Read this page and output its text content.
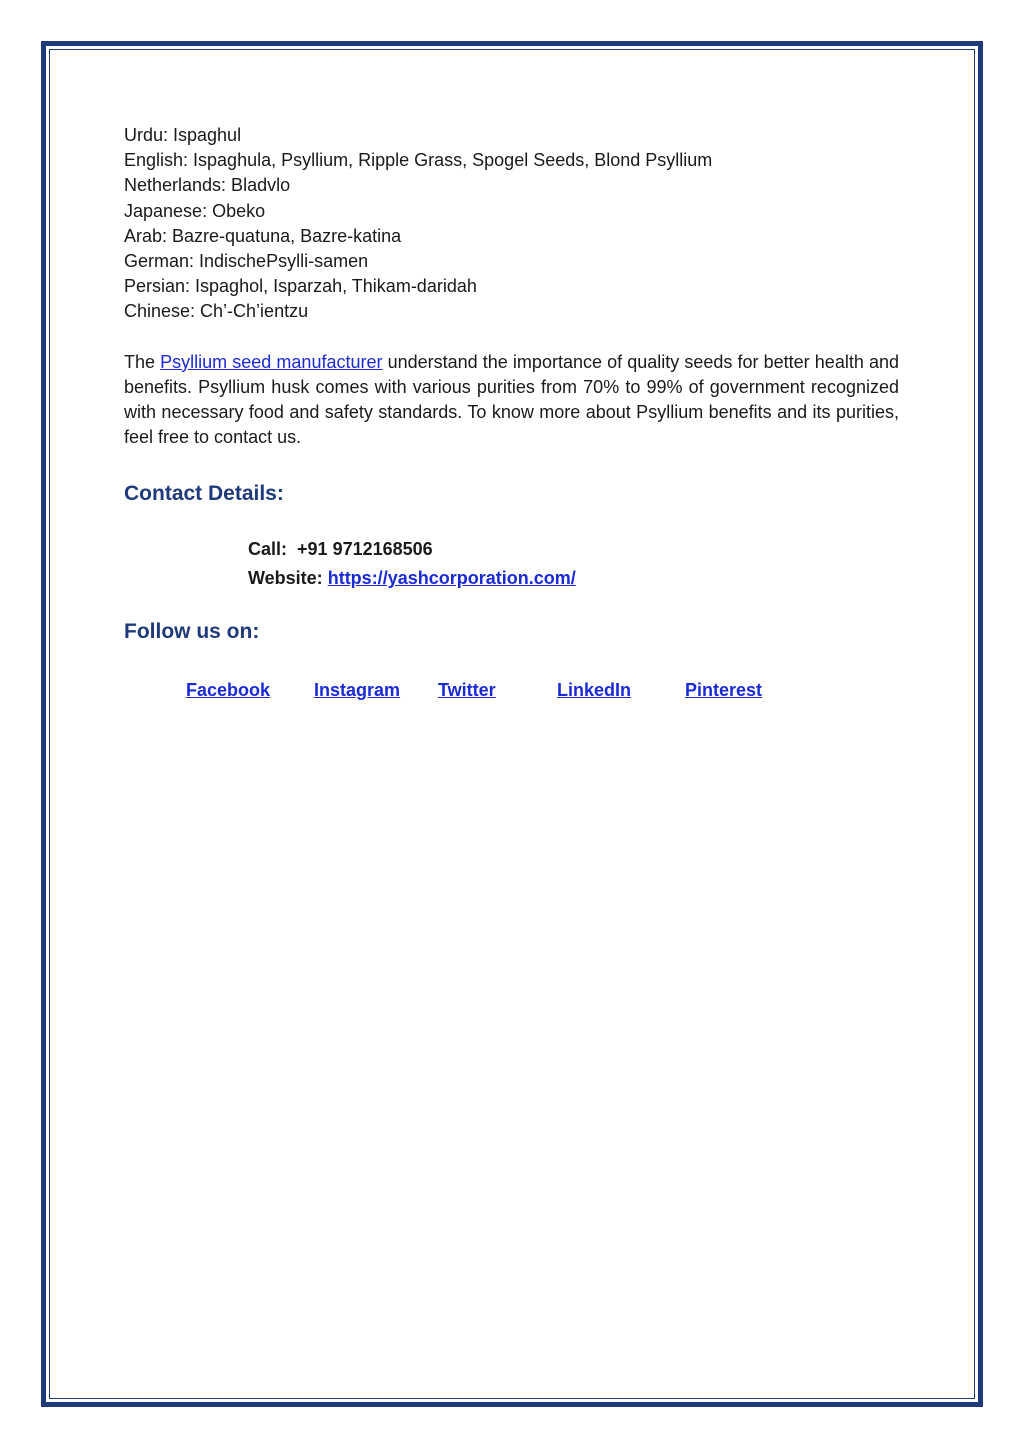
Urdu: Ispaghul
English: Ispaghula, Psyllium, Ripple Grass, Spogel Seeds, Blond Psyllium
Netherlands: Bladvlo
Japanese: Obeko
Arab: Bazre-quatuna, Bazre-katina
German: IndischePsylli-samen
Persian: Ispaghol, Isparzah, Thikam-daridah
Chinese: Ch’-Ch’ientzu
The Psyllium seed manufacturer understand the importance of quality seeds for better health and benefits. Psyllium husk comes with various purities from 70% to 99% of government recognized with necessary food and safety standards. To know more about Psyllium benefits and its purities, feel free to contact us.
Contact Details:
Call: +91 9712168506
Website: https://yashcorporation.com/
Follow us on:
Facebook Instagram Twitter	LinkedIn	Pinterest
